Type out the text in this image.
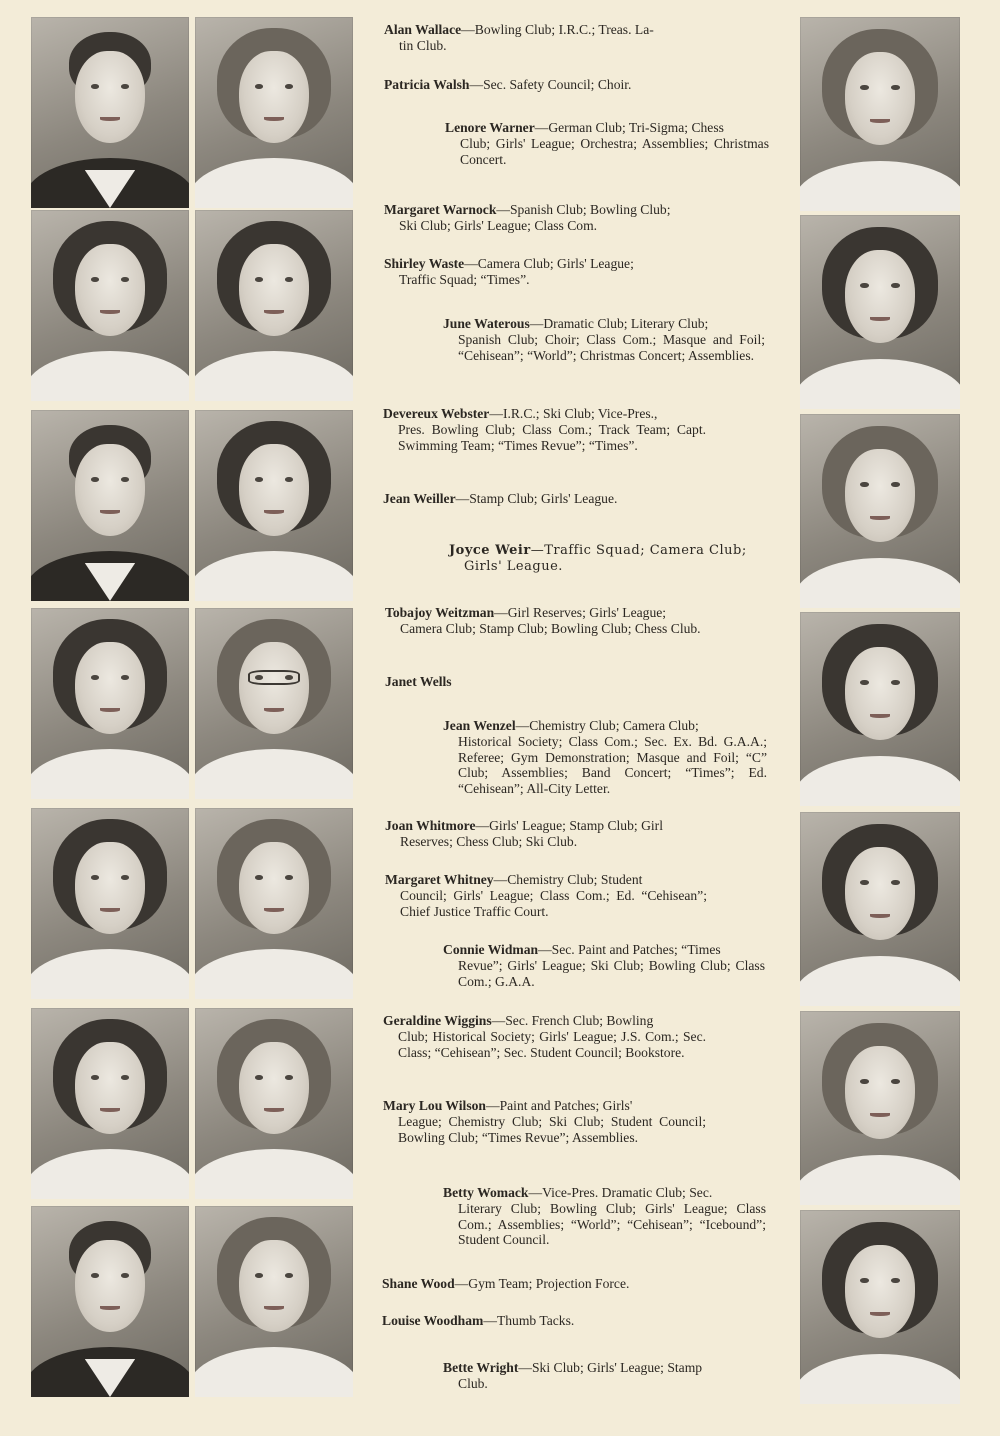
Alan Wallace—Bowling Club; I.R.C.; Treas. La-
tin Club.

Patricia Walsh—Sec. Safety Council; Choir.

Lenore Warner—German Club; Tri-Sigma; Chess
Club; Girls' League; Orchestra; Assemblies; Christmas Concert.

Margaret Warnock—Spanish Club; Bowling Club;
Ski Club; Girls' League; Class Com.

Shirley Waste—Camera Club; Girls' League;
Traffic Squad; “Times”.

June Waterous—Dramatic Club; Literary Club;
Spanish Club; Choir; Class Com.; Masque and Foil; “Cehisean”; “World”; Christmas Concert; Assemblies.

Devereux Webster—I.R.C.; Ski Club; Vice-Pres.,
Pres. Bowling Club; Class Com.; Track Team; Capt. Swimming Team; “Times Revue”; “Times”.

Jean Weiller—Stamp Club; Girls' League.

Joyce Weir—Traffic Squad; Camera Club;
Girls' League.

Tobajoy Weitzman—Girl Reserves; Girls' League;
Camera Club; Stamp Club; Bowling Club; Chess Club.

Janet Wells

Jean Wenzel—Chemistry Club; Camera Club;
Historical Society; Class Com.; Sec. Ex. Bd. G.A.A.; Referee; Gym Demonstration; Masque and Foil; “C” Club; Assemblies; Band Concert; “Times”; Ed. “Cehisean”; All-City Letter.

Joan Whitmore—Girls' League; Stamp Club; Girl
Reserves; Chess Club; Ski Club.

Margaret Whitney—Chemistry Club; Student
Council; Girls' League; Class Com.; Ed. “Cehisean”; Chief Justice Traffic Court.

Connie Widman—Sec. Paint and Patches; “Times
Revue”; Girls' League; Ski Club; Bowling Club; Class Com.; G.A.A.

Geraldine Wiggins—Sec. French Club; Bowling
Club; Historical Society; Girls' League; J.S. Com.; Sec. Class; “Cehisean”; Sec. Student Council; Bookstore.

Mary Lou Wilson—Paint and Patches; Girls'
League; Chemistry Club; Ski Club; Student Council; Bowling Club; “Times Revue”; Assemblies.

Betty Womack—Vice-Pres. Dramatic Club; Sec.
Literary Club; Bowling Club; Girls' League; Class Com.; Assemblies; “World”; “Cehisean”; “Icebound”; Student Council.

Shane Wood—Gym Team; Projection Force.

Louise Woodham—Thumb Tacks.

Bette Wright—Ski Club; Girls' League; Stamp
Club.
